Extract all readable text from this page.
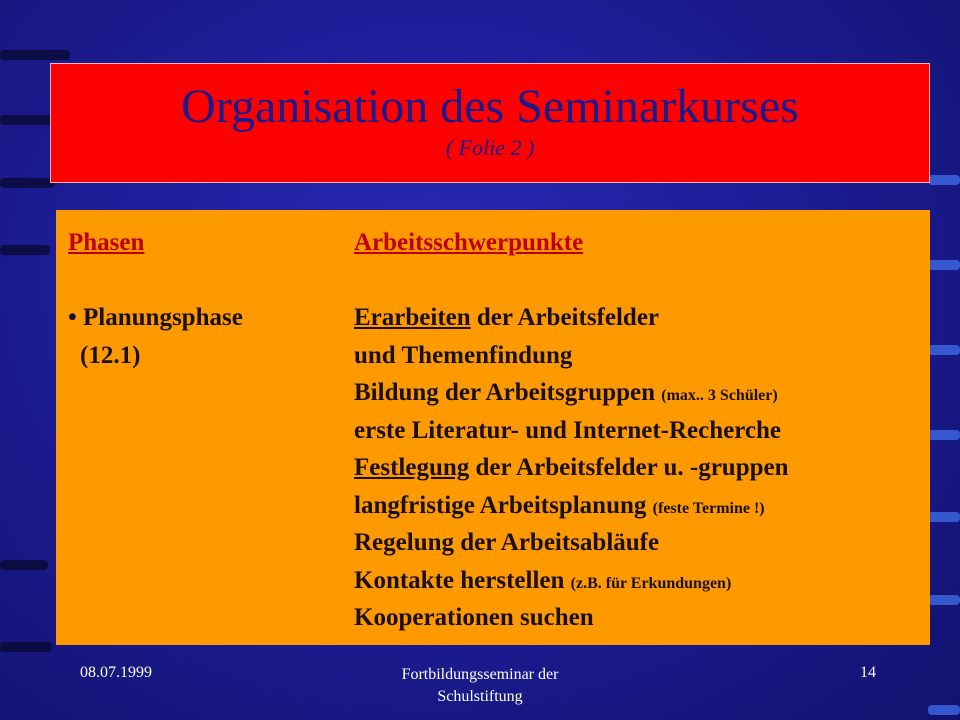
Organisation des Seminarkurses
( Folie 2 )
Phasen
• Planungsphase
(12.1)
Arbeitsschwerpunkte
Erarbeiten der Arbeitsfelder
und Themenfindung
Bildung der Arbeitsgruppen (max.. 3 Schüler)
erste Literatur- und Internet-Recherche
Festlegung der Arbeitsfelder u. -gruppen
langfristige Arbeitsplanung (feste Termine !)
Regelung der Arbeitsabläufe
Kontakte herstellen (z.B. für Erkundungen)
Kooperationen suchen
08.07.1999	Fortbildungsseminar der
Schulstiftung
14
